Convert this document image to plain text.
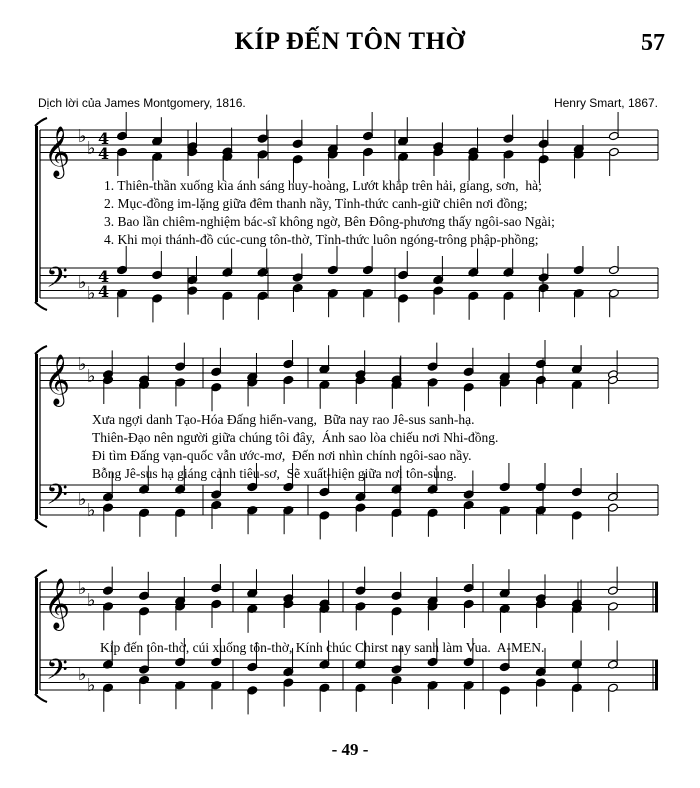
𝄞
𝄢
♭
♭
♭
♭
4
4
4
4
𝄞
𝄢
♭
♭
♭
♭
𝄞
𝄢
♭
♭
♭
♭
KÍP ĐẾN TÔN THỜ	57
Dịch lời của James Montgomery, 1816.	Henry Smart, 1867.
1. Thiên-thần xuống kìa ánh sáng huy-hoàng, Lướt khắp trên hải, giang, sơn,  hà;
2. Mục-đồng im-lặng giữa đêm thanh nầy, Tỉnh-thức canh-giữ chiên nơi đồng;
3. Bao lần chiêm-nghiệm bác-sĩ không ngờ, Bên Đông-phương thấy ngôi-sao Ngài;
4. Khi mọi thánh-đồ cúc-cung tôn-thờ, Tỉnh-thức luôn ngóng-trông phập-phồng;
Xưa ngợi danh Tạo-Hóa Đấng hiển-vang,  Bữa nay rao Jê-sus sanh-hạ.
Thiên-Đạo nên người giữa chúng tôi đây,  Ánh sao lòa chiếu nơi Nhi-đồng.
Đi tìm Đấng vạn-quốc vẫn ước-mơ,  Đến nơi nhìn chính ngôi-sao nầy.
Bỗng Jê-sus hạ giáng cảnh tiêu-sơ,  Sẽ xuất-hiện giữa nơi tôn-sùng.
Kíp đến tôn-thờ, cúi xuống tôn-thờ, Kính chúc Chirst nay sanh làm Vua.  A-MEN.
- 49 -
